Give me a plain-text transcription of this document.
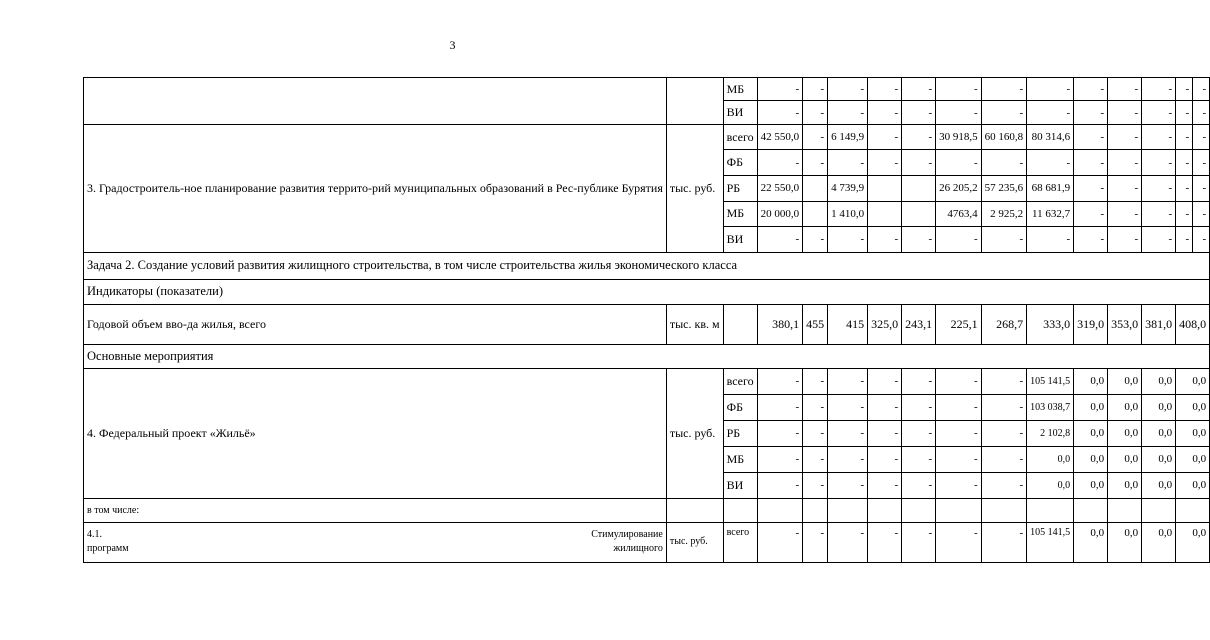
3
		МБ	-	-	-	-	-	-	-	-	-	-	-	-	-
		ВИ	-	-	-	-	-	-	-	-	-	-	-	-	-
3. Градостроитель-ное планирование развития террито-рий муниципальных образований в Рес-публике Бурятия	тыс. руб.	всего	42 550,0	-	6 149,9	-	-	30 918,5	60 160,8	80 314,6	-	-	-	-	-
		ФБ	-	-	-	-	-	-	-	-	-	-	-	-	-
		РБ	22 550,0		4 739,9			26 205,2	57 235,6	68 681,9	-	-	-	-	-
		МБ	20 000,0		1 410,0			4763,4	2 925,2	11 632,7	-	-	-	-	-
		ВИ	-	-	-	-	-	-	-	-	-	-	-	-	-
Задача 2. Создание условий развития жилищного строительства, в том числе строительства жилья экономического класса															
Индикаторы (показатели)															
Годовой объем вво-да жилья, всего	тыс. кв. м		380,1	455	415	325,0	243,1	225,1	268,7	333,0	319,0	353,0	381,0	408,0	
Основные мероприятия															
4. Федеральный проект «Жильё»	тыс. руб.	всего	-	-	-	-	-	-	-	105 141,5	0,0	0,0	0,0	0,0	
		ФБ	-	-	-	-	-	-	-	103 038,7	0,0	0,0	0,0	0,0	
		РБ	-	-	-	-	-	-	-	2 102,8	0,0	0,0	0,0	0,0	
		МБ	-	-	-	-	-	-	-	0,0	0,0	0,0	0,0	0,0	
		ВИ	-	-	-	-	-	-	-	0,0	0,0	0,0	0,0	0,0	
в том числе:															

4.1. Стимулирование
программ жилищного	тыс. руб.	всего	-	-	-	-	-	-	-	105 141,5	0,0	0,0	0,0	0,0	
